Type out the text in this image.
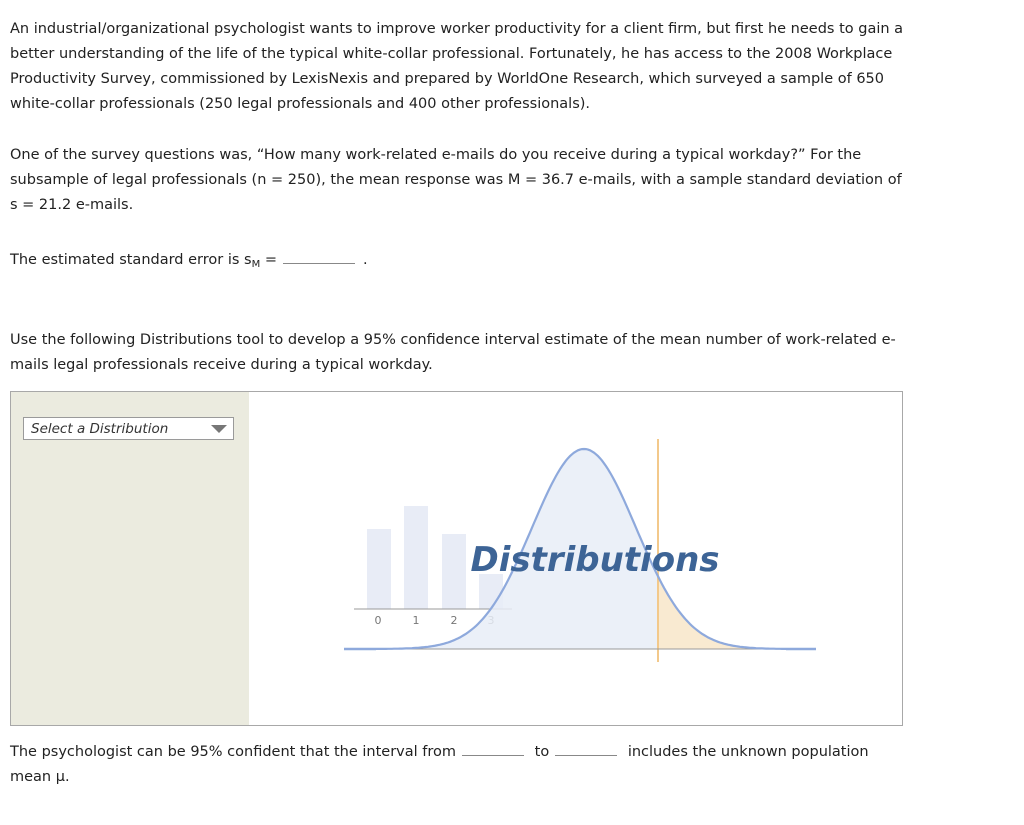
An industrial/organizational psychologist wants to improve worker productivity for a client firm, but first he needs to gain a better understanding of the life of the typical white-collar professional. Fortunately, he has access to the 2008 Workplace Productivity Survey, commissioned by LexisNexis and prepared by WorldOne Research, which surveyed a sample of 650 white-collar professionals (250 legal professionals and 400 other professionals).

One of the survey questions was, “How many work-related e-mails do you receive during a typical workday?” For the subsample of legal professionals (n = 250), the mean response was M = 36.7 e-mails, with a sample standard deviation of s = 21.2 e-mails.

The estimated standard error is $s_M$ =	.

Use the following Distributions tool to develop a 95% confidence interval estimate of the mean number of work-related e-mails legal professionals receive during a typical workday.

Select a Distribution
0	1	2
Distributions

The psychologist can be 95% confident that the interval from	to	includes the unknown population mean μ.
